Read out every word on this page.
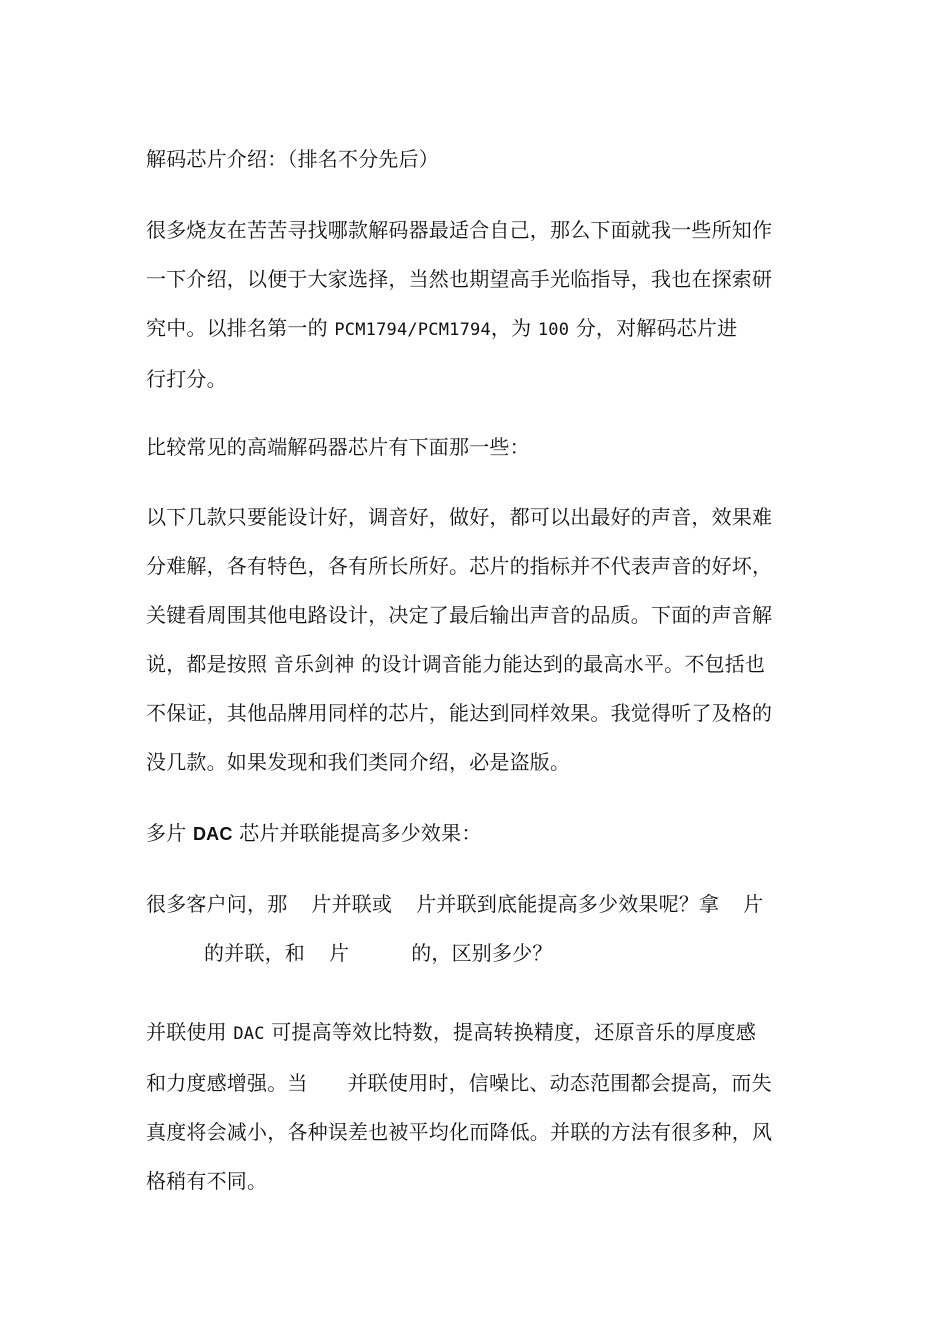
解码芯片介绍：（排名不分先后）

很多烧友在苦苦寻找哪款解码器最适合自己，那么下面就我一些所知作
一下介绍，以便于大家选择，当然也期望高手光临指导，我也在探索研
究中。以排名第一的 PCM1794/PCM1794，为 100 分，对解码芯片进
行打分。

比较常见的高端解码器芯片有下面那一些：

以下几款只要能设计好，调音好，做好，都可以出最好的声音，效果难
分难解，各有特色，各有所长所好。芯片的指标并不代表声音的好坏，
关键看周围其他电路设计，决定了最后输出声音的品质。下面的声音解
说，都是按照 音乐剑神 的设计调音能力能达到的最高水平。不包括也
不保证，其他品牌用同样的芯片，能达到同样效果。我觉得听了及格的
没几款。如果发现和我们类同介绍，必是盗版。

多片 DAC 芯片并联能提高多少效果：

很多客户问，那 片并联或 片并联到底能提高多少效果呢？拿 片
的并联，和 片	的，区别多少？

并联使用 DAC 可提高等效比特数，提高转换精度，还原音乐的厚度感
和力度感增强。当 并联使用时，信噪比、动态范围都会提高，而失
真度将会减小，各种误差也被平均化而降低。并联的方法有很多种，风
格稍有不同。
